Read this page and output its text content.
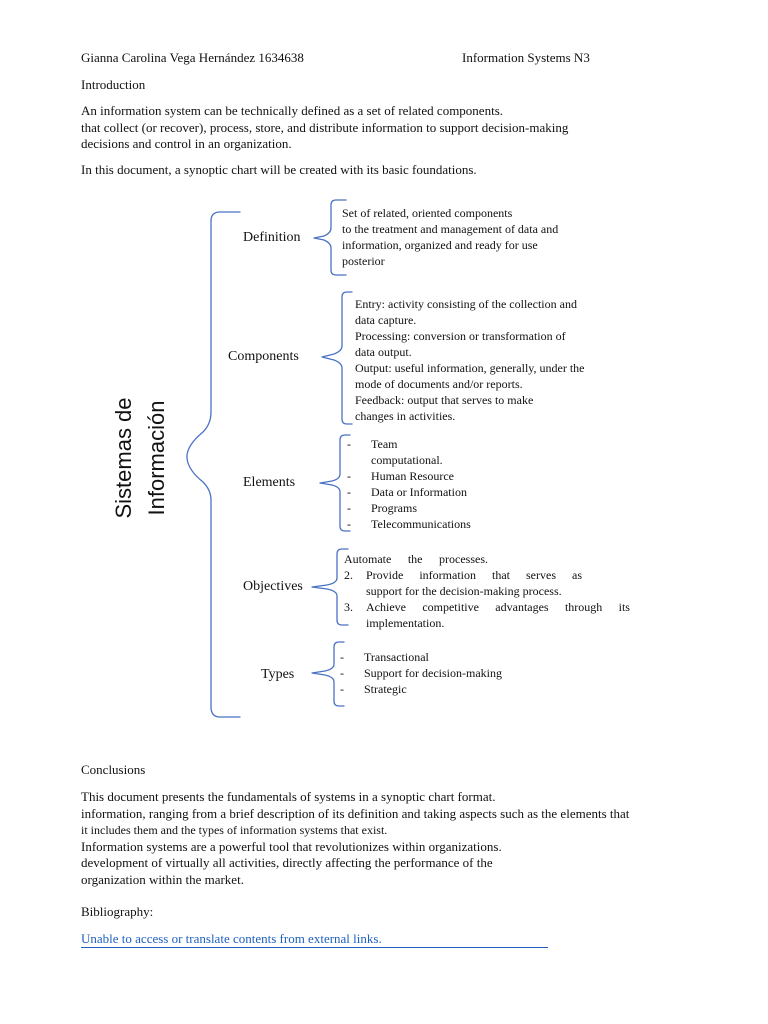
Gianna Carolina Vega Hernández 1634638	Information Systems N3
Introduction
An information system can be technically defined as a set of related components.
that collect (or recover), process, store, and distribute information to support decision-making
decisions and control in an organization.
In this document, a synoptic chart will be created with its basic foundations.
Sistemas de Información
Definition
Components
Elements
Objectives
Types
Set of related, oriented components
to the treatment and management of data and
information, organized and ready for use
posterior
Entry: activity consisting of the collection and
data capture.
Processing: conversion or transformation of
data output.
Output: useful information, generally, under the
mode of documents and/or reports.
Feedback: output that serves to make
changes in activities.
- Team
computational.
- Human Resource
- Data or Information
- Programs
- Telecommunications
Automate the processes.
2. Provide information that serves as
support for the decision-making process.
3. Achieve competitive advantages through its
implementation.
- Transactional
- Support for decision-making
- Strategic
Conclusions
This document presents the fundamentals of systems in a synoptic chart format.
information, ranging from a brief description of its definition and taking aspects such as the elements that
it includes them and the types of information systems that exist.
Information systems are a powerful tool that revolutionizes within organizations.
development of virtually all activities, directly affecting the performance of the
organization within the market.
Bibliography:
Unable to access or translate contents from external links.
